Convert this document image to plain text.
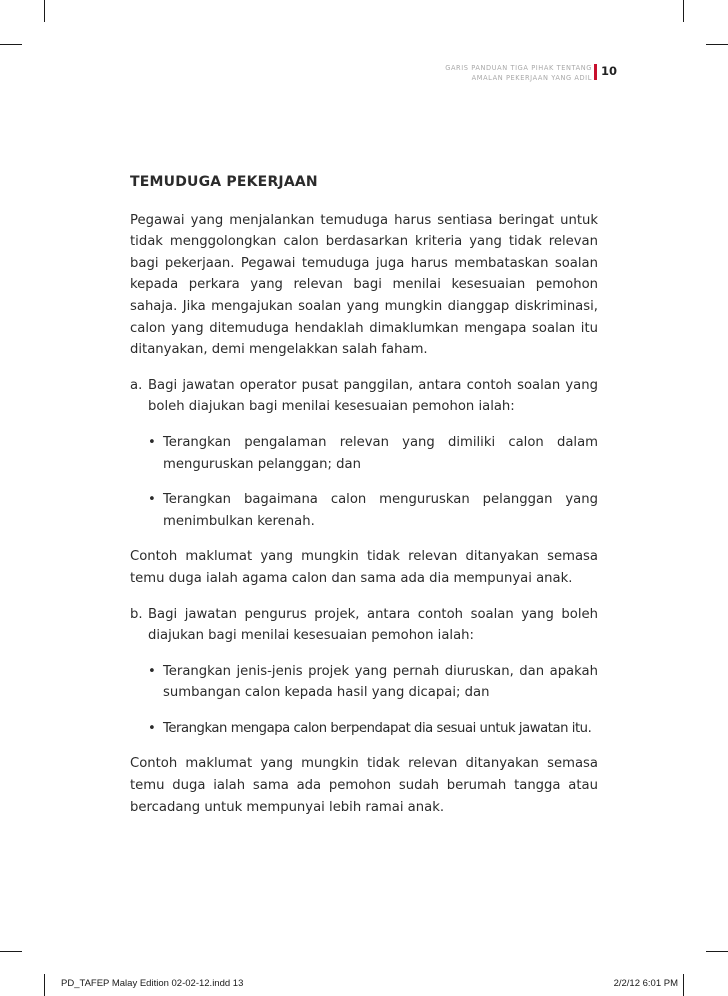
GARIS PANDUAN TIGA PIHAK TENTANG
AMALAN PEKERJAAN YANG ADIL 10
TEMUDUGA PEKERJAAN
Pegawai yang menjalankan temuduga harus sentiasa beringat untuk tidak menggolongkan calon berdasarkan kriteria yang tidak relevan bagi pekerjaan. Pegawai temuduga juga harus membataskan soalan kepada perkara yang relevan bagi menilai kesesuaian pemohon sahaja. Jika mengajukan soalan yang mungkin dianggap diskriminasi, calon yang ditemuduga hendaklah dimaklumkan mengapa soalan itu ditanyakan, demi mengelakkan salah faham.
a. Bagi jawatan operator pusat panggilan, antara contoh soalan yang boleh diajukan bagi menilai kesesuaian pemohon ialah:
• Terangkan pengalaman relevan yang dimiliki calon dalam menguruskan pelanggan; dan
• Terangkan bagaimana calon menguruskan pelanggan yang menimbulkan kerenah.
Contoh maklumat yang mungkin tidak relevan ditanyakan semasa temu duga ialah agama calon dan sama ada dia mempunyai anak.
b. Bagi jawatan pengurus projek, antara contoh soalan yang boleh diajukan bagi menilai kesesuaian pemohon ialah:
• Terangkan jenis-jenis projek yang pernah diuruskan, dan apakah sumbangan calon kepada hasil yang dicapai; dan
• Terangkan mengapa calon berpendapat dia sesuai untuk jawatan itu.
Contoh maklumat yang mungkin tidak relevan ditanyakan semasa temu duga ialah sama ada pemohon sudah berumah tangga atau bercadang untuk mempunyai lebih ramai anak.
PD_TAFEP Malay Edition 02-02-12.indd 13	2/2/12 6:01 PM
